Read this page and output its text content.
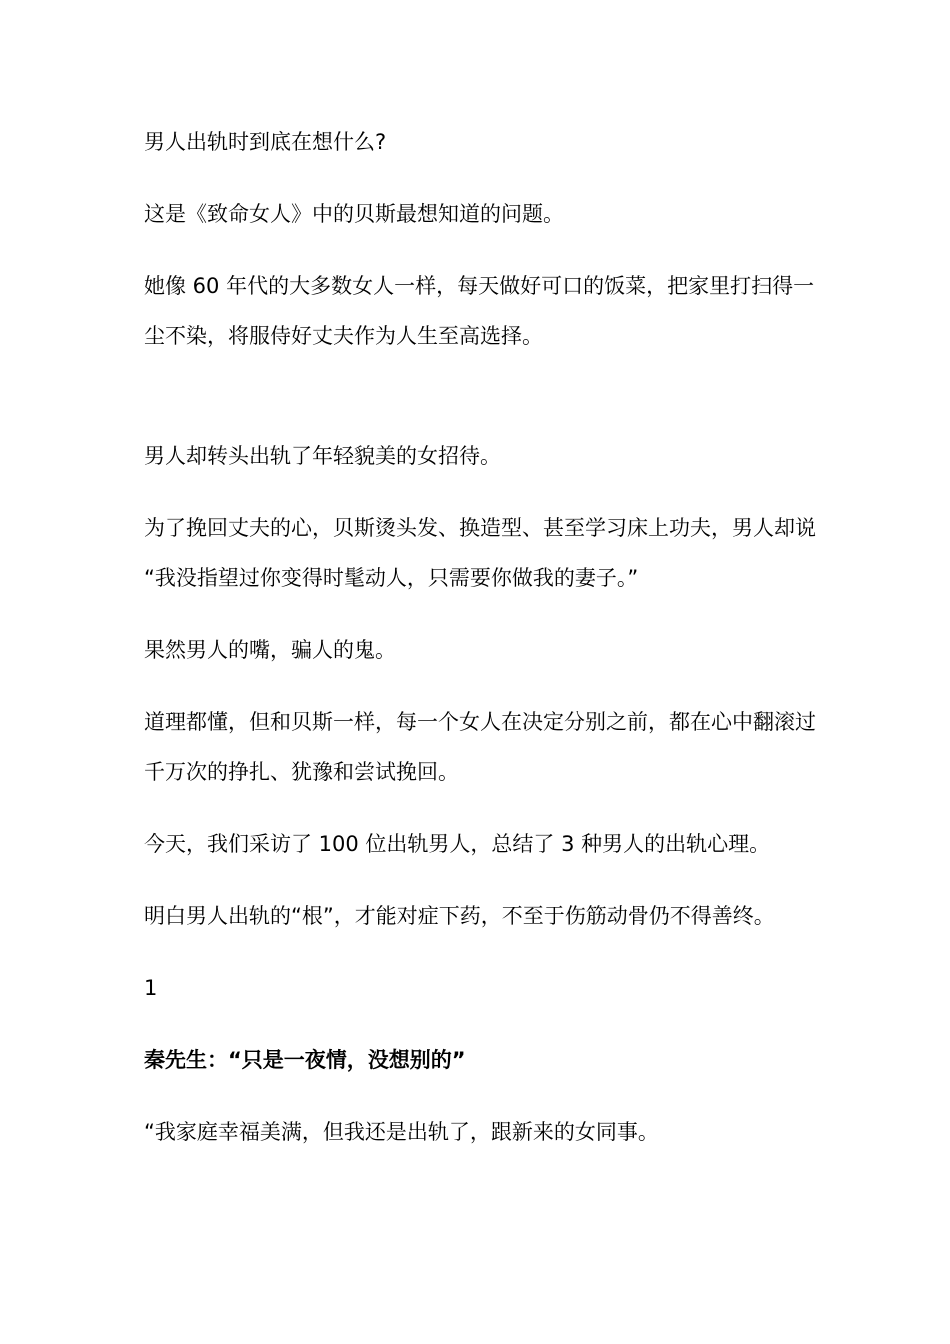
男人出轨时到底在想什么?

这是《致命女人》中的贝斯最想知道的问题。

她像 60 年代的大多数女人一样，每天做好可口的饭菜，把家里打扫得一

尘不染，将服侍好丈夫作为人生至高选择。

男人却转头出轨了年轻貌美的女招待。

为了挽回丈夫的心，贝斯烫头发、换造型、甚至学习床上功夫，男人却说

“我没指望过你变得时髦动人，只需要你做我的妻子。”

果然男人的嘴，骗人的鬼。

道理都懂，但和贝斯一样，每一个女人在决定分别之前，都在心中翻滚过

千万次的挣扎、犹豫和尝试挽回。

今天，我们采访了 100 位出轨男人，总结了 3 种男人的出轨心理。

明白男人出轨的“根”，才能对症下药，不至于伤筋动骨仍不得善终。

1

秦先生：“只是一夜情，没想别的”

“我家庭幸福美满，但我还是出轨了，跟新来的女同事。
